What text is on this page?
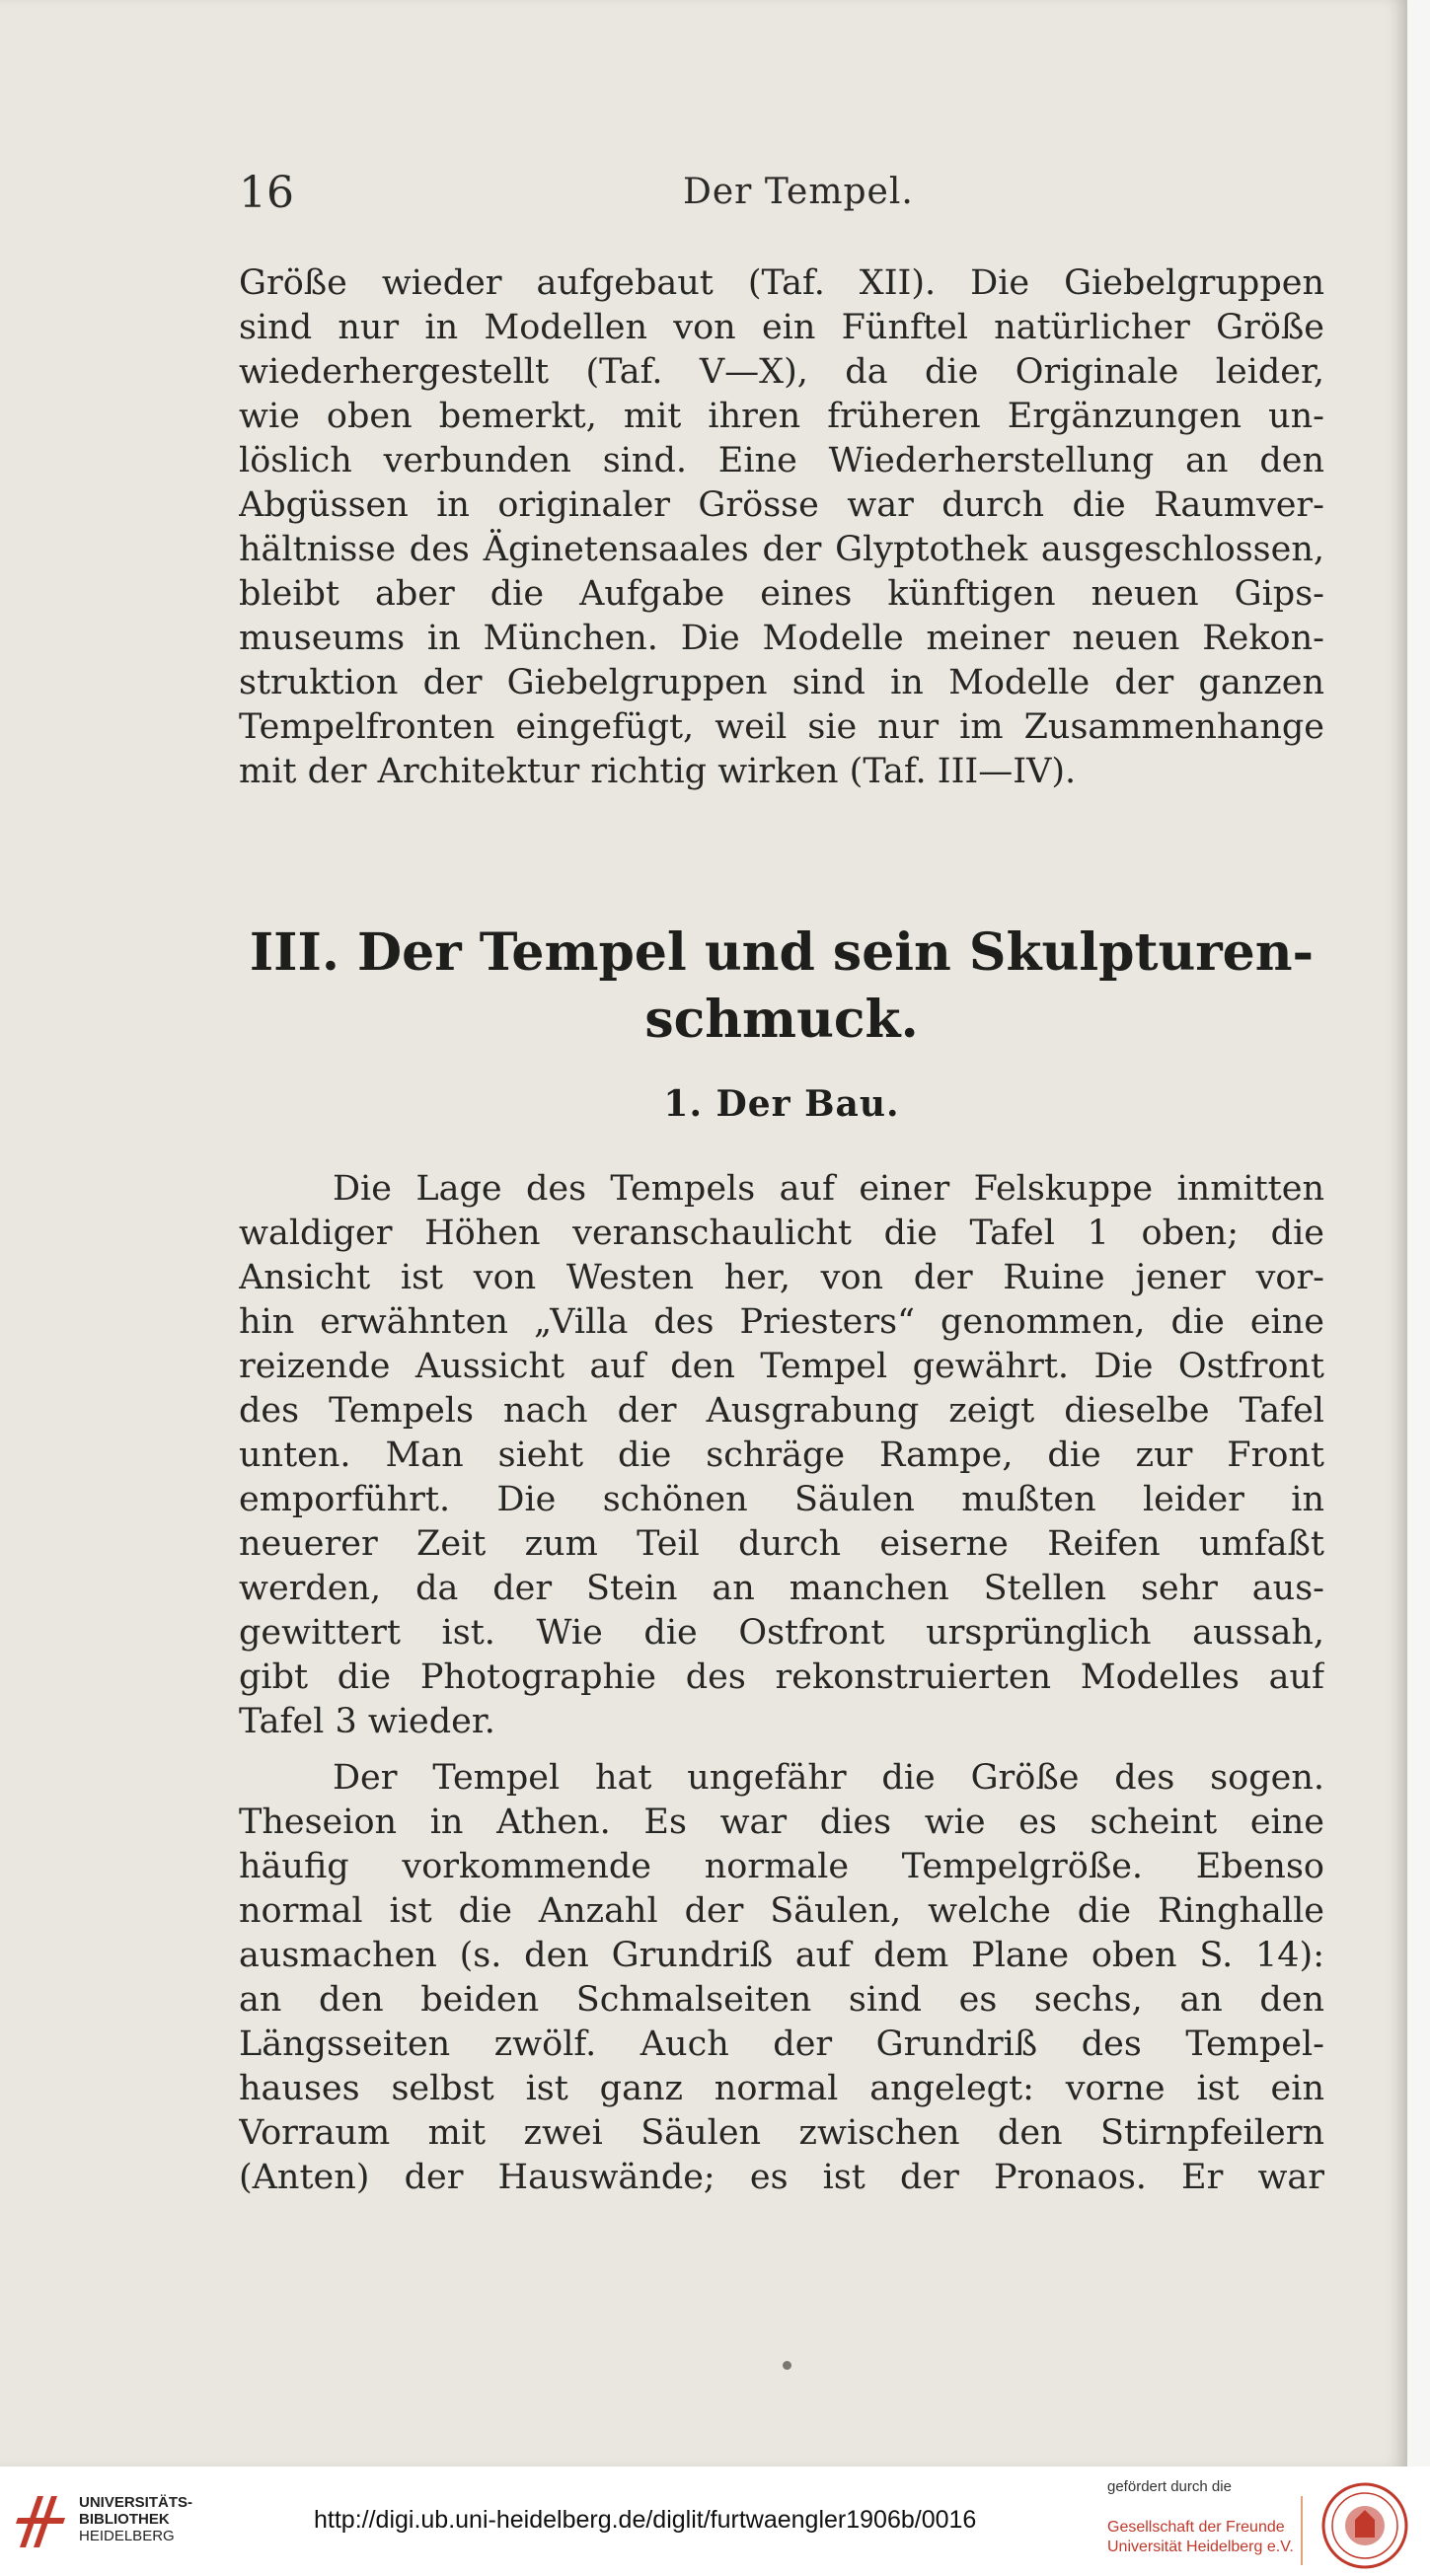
16	Der Tempel.
Größe wieder aufgebaut (Taf. XII). Die Giebelgruppen
sind nur in Modellen von ein Fünftel natürlicher Größe
wiederhergestellt (Taf. V—X), da die Originale leider,
wie oben bemerkt, mit ihren früheren Ergänzungen un-
löslich verbunden sind. Eine Wiederherstellung an den
Abgüssen in originaler Grösse war durch die Raumver-
hältnisse des Äginetensaales der Glyptothek ausgeschlossen,
bleibt aber die Aufgabe eines künftigen neuen Gips-
museums in München. Die Modelle meiner neuen Rekon-
struktion der Giebelgruppen sind in Modelle der ganzen
Tempelfronten eingefügt, weil sie nur im Zusammenhange
mit der Architektur richtig wirken (Taf. III—IV).
III. Der Tempel und sein Skulpturen-
schmuck.
1. Der Bau.
Die Lage des Tempels auf einer Felskuppe inmitten
waldiger Höhen veranschaulicht die Tafel 1 oben; die
Ansicht ist von Westen her, von der Ruine jener vor-
hin erwähnten „Villa des Priesters“ genommen, die eine
reizende Aussicht auf den Tempel gewährt. Die Ostfront
des Tempels nach der Ausgrabung zeigt dieselbe Tafel
unten. Man sieht die schräge Rampe, die zur Front
emporführt. Die schönen Säulen mußten leider in
neuerer Zeit zum Teil durch eiserne Reifen umfaßt
werden, da der Stein an manchen Stellen sehr aus-
gewittert ist. Wie die Ostfront ursprünglich aussah,
gibt die Photographie des rekonstruierten Modelles auf
Tafel 3 wieder.
Der Tempel hat ungefähr die Größe des sogen.
Theseion in Athen. Es war dies wie es scheint eine
häufig vorkommende normale Tempelgröße. Ebenso
normal ist die Anzahl der Säulen, welche die Ringhalle
ausmachen (s. den Grundriß auf dem Plane oben S. 14):
an den beiden Schmalseiten sind es sechs, an den
Längsseiten zwölf. Auch der Grundriß des Tempel-
hauses selbst ist ganz normal angelegt: vorne ist ein
Vorraum mit zwei Säulen zwischen den Stirnpfeilern
(Anten) der Hauswände; es ist der Pronaos. Er war
UNIVERSITÄTS-
BIBLIOTHEK
HEIDELBERG
http://digi.ub.uni-heidelberg.de/diglit/furtwaengler1906b/0016
gefördert durch die
Gesellschaft der Freunde
Universität Heidelberg e.V.
